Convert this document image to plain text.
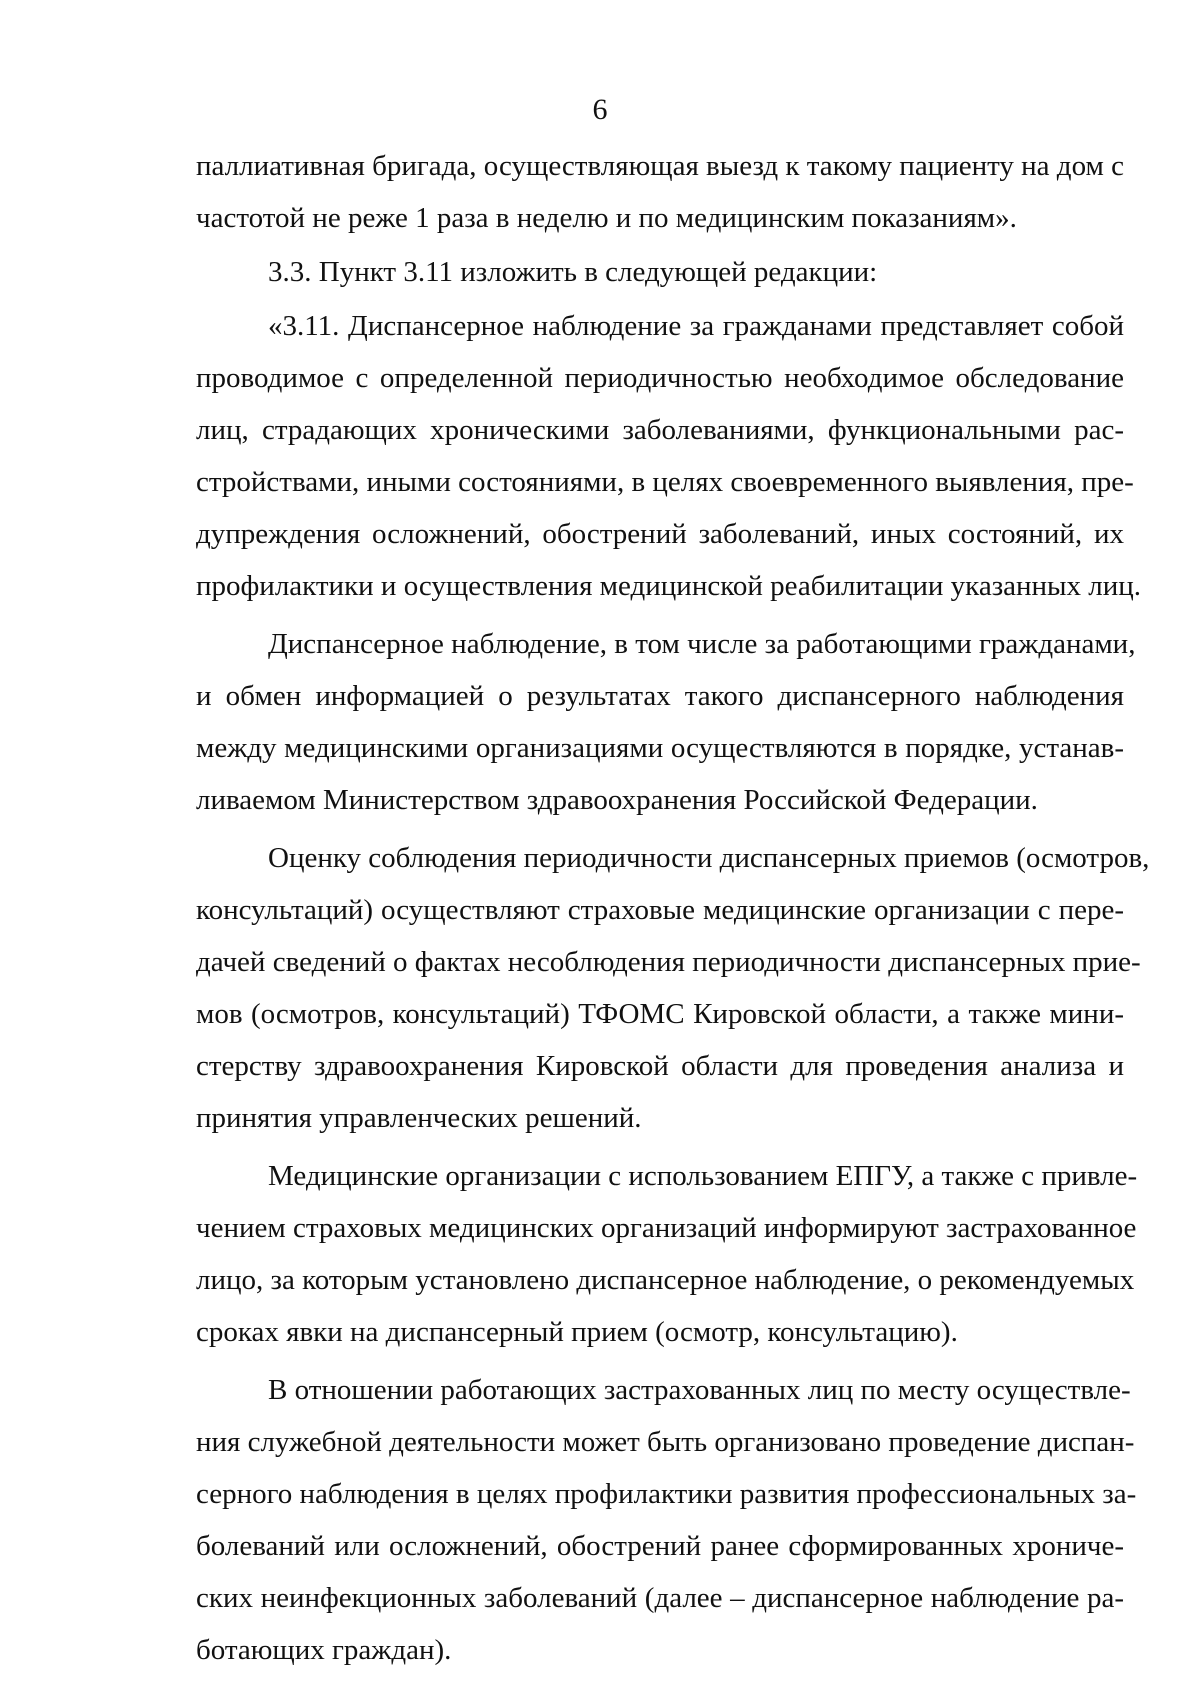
6

паллиативная бригада, осуществляющая выезд к такому пациенту на дом с
частотой не реже 1 раза в неделю и по медицинским показаниям».

3.3. Пункт 3.11 изложить в следующей редакции:

«3.11. Диспансерное наблюдение за гражданами представляет собой
проводимое с определенной периодичностью необходимое обследование
лиц, страдающих хроническими заболеваниями, функциональными рас-
стройствами, иными состояниями, в целях своевременного выявления, пре-
дупреждения осложнений, обострений заболеваний, иных состояний, их
профилактики и осуществления медицинской реабилитации указанных лиц.

Диспансерное наблюдение, в том числе за работающими гражданами,
и обмен информацией о результатах такого диспансерного наблюдения
между медицинскими организациями осуществляются в порядке, устанав-
ливаемом Министерством здравоохранения Российской Федерации.

Оценку соблюдения периодичности диспансерных приемов (осмотров,
консультаций) осуществляют страховые медицинские организации с пере-
дачей сведений о фактах несоблюдения периодичности диспансерных прие-
мов (осмотров, консультаций) ТФОМС Кировской области, а также мини-
стерству здравоохранения Кировской области для проведения анализа и
принятия управленческих решений.

Медицинские организации с использованием ЕПГУ, а также с привле-
чением страховых медицинских организаций информируют застрахованное
лицо, за которым установлено диспансерное наблюдение, о рекомендуемых
сроках явки на диспансерный прием (осмотр, консультацию).

В отношении работающих застрахованных лиц по месту осуществле-
ния служебной деятельности может быть организовано проведение диспан-
серного наблюдения в целях профилактики развития профессиональных за-
болеваний или осложнений, обострений ранее сформированных хрониче-
ских неинфекционных заболеваний (далее – диспансерное наблюдение ра-
ботающих граждан).
